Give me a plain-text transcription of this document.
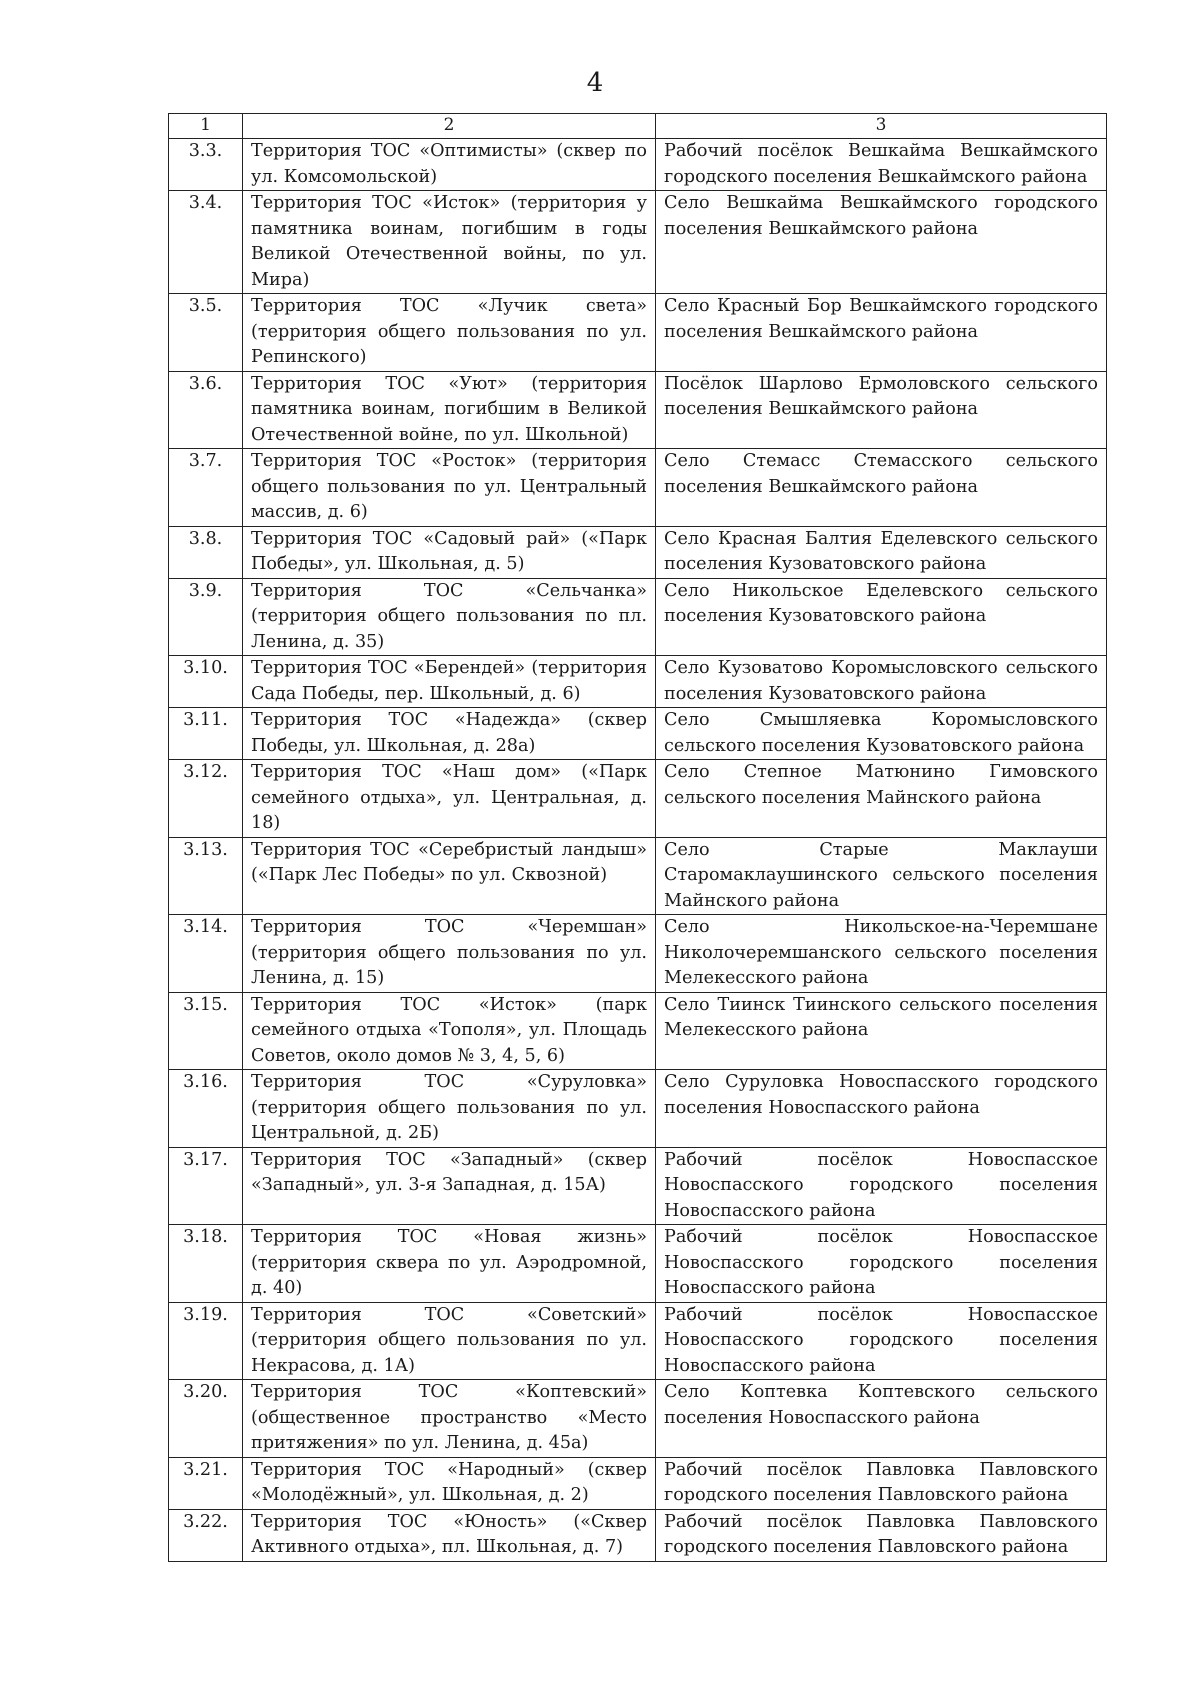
4
1	2	3
3.3.	Территория ТОС «Оптимисты» (сквер по ул. Комсомольской)	Рабочий посёлок Вешкайма Вешкаймского городского поселения Вешкаймского района
3.4.	Территория ТОС «Исток» (территория у памятника воинам, погибшим в годы Великой Отечественной войны, по ул. Мира)	Село Вешкайма Вешкаймского городского поселения Вешкаймского района
3.5.	Территория ТОС «Лучик света» (территория общего пользования по ул. Репинского)	Село Красный Бор Вешкаймского городского поселения Вешкаймского района
3.6.	Территория ТОС «Уют» (территория памятника воинам, погибшим в Великой Отечественной войне, по ул. Школьной)	Посёлок Шарлово Ермоловского сельского поселения Вешкаймского района
3.7.	Территория ТОС «Росток» (территория общего пользования по ул. Центральный массив, д. 6)	Село Стемасс Стемасского сельского поселения Вешкаймского района
3.8.	Территория ТОС «Садовый рай» («Парк Победы», ул. Школьная, д. 5)	Село Красная Балтия Еделевского сельского поселения Кузоватовского района
3.9.	Территория ТОС «Сельчанка» (территория общего пользования по пл. Ленина, д. 35)	Село Никольское Еделевского сельского поселения Кузоватовского района
3.10.	Территория ТОС «Берендей» (территория Сада Победы, пер. Школьный, д. 6)	Село Кузоватово Коромысловского сельского поселения Кузоватовского района
3.11.	Территория ТОС «Надежда» (сквер Победы, ул. Школьная, д. 28а)	Село Смышляевка Коромысловского сельского поселения Кузоватовского района
3.12.	Территория ТОС «Наш дом» («Парк семейного отдыха», ул. Центральная, д. 18)	Село Степное Матюнино Гимовского сельского поселения Майнского района
3.13.	Территория ТОС «Серебристый ландыш» («Парк Лес Победы» по ул. Сквозной)	Село Старые Маклауши Старомаклаушинского сельского поселения Майнского района
3.14.	Территория ТОС «Черемшан» (территория общего пользования по ул. Ленина, д. 15)	Село Никольское-на-Черемшане Николочеремшанского сельского поселения Мелекесского района
3.15.	Территория ТОС «Исток» (парк семейного отдыха «Тополя», ул. Площадь Советов, около домов № 3, 4, 5, 6)	Село Тиинск Тиинского сельского поселения Мелекесского района
3.16.	Территория ТОС «Суруловка» (территория общего пользования по ул. Центральной, д. 2Б)	Село Суруловка Новоспасского городского поселения Новоспасского района
3.17.	Территория ТОС «Западный» (сквер «Западный», ул. 3-я Западная, д. 15А)	Рабочий посёлок Новоспасское Новоспасского городского поселения Новоспасского района
3.18.	Территория ТОС «Новая жизнь» (территория сквера по ул. Аэродромной, д. 40)	Рабочий посёлок Новоспасское Новоспасского городского поселения Новоспасского района
3.19.	Территория ТОС «Советский» (территория общего пользования по ул. Некрасова, д. 1А)	Рабочий посёлок Новоспасское Новоспасского городского поселения Новоспасского района
3.20.	Территория ТОС «Коптевский» (общественное пространство «Место притяжения» по ул. Ленина, д. 45а)	Село Коптевка Коптевского сельского поселения Новоспасского района
3.21.	Территория ТОС «Народный» (сквер «Молодёжный», ул. Школьная, д. 2)	Рабочий посёлок Павловка Павловского городского поселения Павловского района
3.22.	Территория ТОС «Юность» («Сквер Активного отдыха», пл. Школьная, д. 7)	Рабочий посёлок Павловка Павловского городского поселения Павловского района
